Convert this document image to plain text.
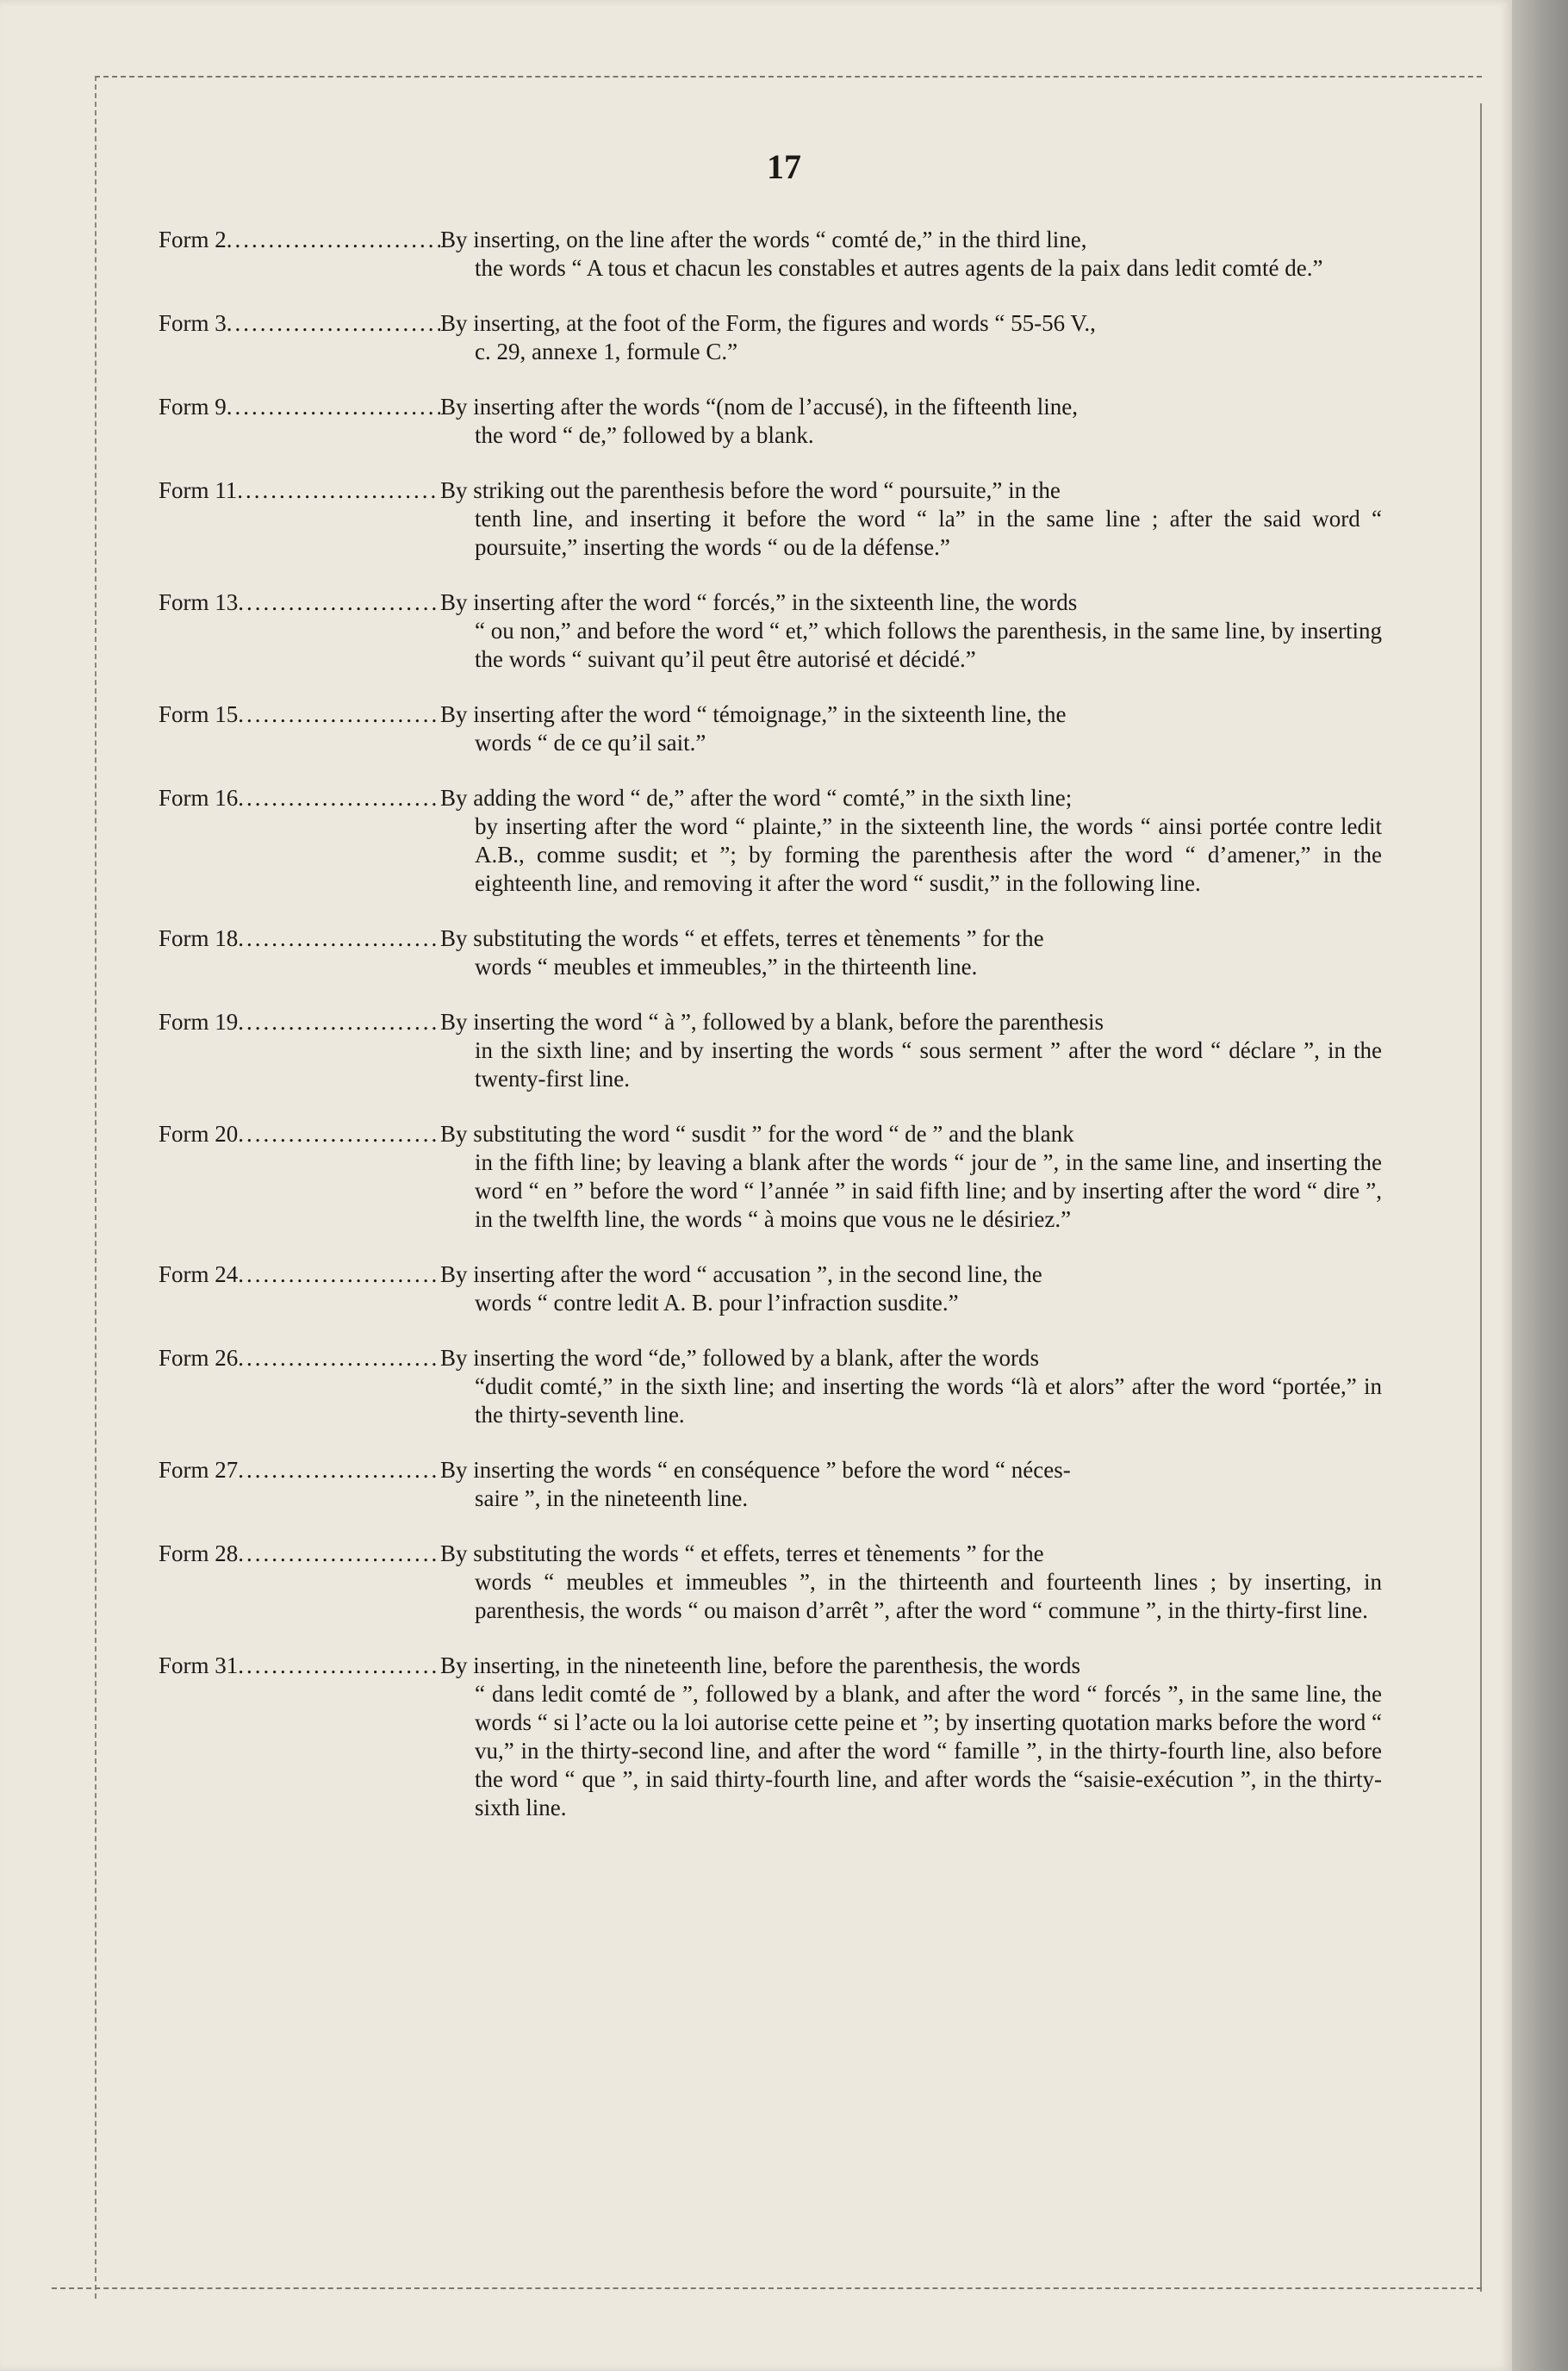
17
Form 2 .....	By inserting, on the line after the words “ comté de,” in the third line,
the words “ A tous et chacun les constables et autres agents de la paix dans ledit comté de.”
Form 3 .....	By inserting, at the foot of the Form, the figures and words “ 55-56 V.,
c. 29, annexe 1, formule C.”
Form 9 .....	By inserting after the words “(nom de l’accusé), in the fifteenth line,
the word “ de,” followed by a blank.
Form 11 .....	By striking out the parenthesis before the word “ poursuite,” in the
tenth line, and inserting it before the word “ la” in the same line ; after the said word “ poursuite,” inserting the words “ ou de la défense.”
Form 13 .....	By inserting after the word “ forcés,” in the sixteenth line, the words
“ ou non,” and before the word “ et,” which follows the parenthesis, in the same line, by inserting the words “ suivant qu’il peut être autorisé et décidé.”
Form 15 .....	By inserting after the word “ témoignage,” in the sixteenth line, the
words “ de ce qu’il sait.”
Form 16 .....	By adding the word “ de,” after the word “ comté,” in the sixth line;
by inserting after the word “ plainte,” in the sixteenth line, the words “ ainsi portée contre ledit A.B., comme susdit; et ”; by forming the parenthesis after the word “ d’amener,” in the eighteenth line, and removing it after the word “ susdit,” in the following line.
Form 18 .....	By substituting the words “ et effets, terres et tènements ” for the
words “ meubles et immeubles,” in the thirteenth line.
Form 19 .....	By inserting the word “ à ”, followed by a blank, before the parenthesis
in the sixth line; and by inserting the words “ sous serment ” after the word “ déclare ”, in the twenty-first line.
Form 20 .....	By substituting the word “ susdit ” for the word “ de ” and the blank
in the fifth line; by leaving a blank after the words “ jour de ”, in the same line, and inserting the word “ en ” before the word “ l’année ” in said fifth line; and by inserting after the word “ dire ”, in the twelfth line, the words “ à moins que vous ne le désiriez.”
Form 24 .....	By inserting after the word “ accusation ”, in the second line, the
words “ contre ledit A. B. pour l’infraction susdite.”
Form 26 .....	By inserting the word “de,” followed by a blank, after the words
“dudit comté,” in the sixth line; and inserting the words “là et alors” after the word “portée,” in the thirty-seventh line.
Form 27 .....	By inserting the words “ en conséquence ” before the word “ néces-
saire ”, in the nineteenth line.
Form 28 .....	By substituting the words “ et effets, terres et tènements ” for the
words “ meubles et immeubles ”, in the thirteenth and fourteenth lines ; by inserting, in parenthesis, the words “ ou maison d’arrêt ”, after the word “ commune ”, in the thirty-first line.
Form 31 .....	By inserting, in the nineteenth line, before the parenthesis, the words
“ dans ledit comté de ”, followed by a blank, and after the word “ forcés ”, in the same line, the words “ si l’acte ou la loi autorise cette peine et ”; by inserting quotation marks before the word “ vu,” in the thirty-second line, and after the word “ famille ”, in the thirty-fourth line, also before the word “ que ”, in said thirty-fourth line, and after words the “saisie-exécution ”, in the thirty-sixth line.
